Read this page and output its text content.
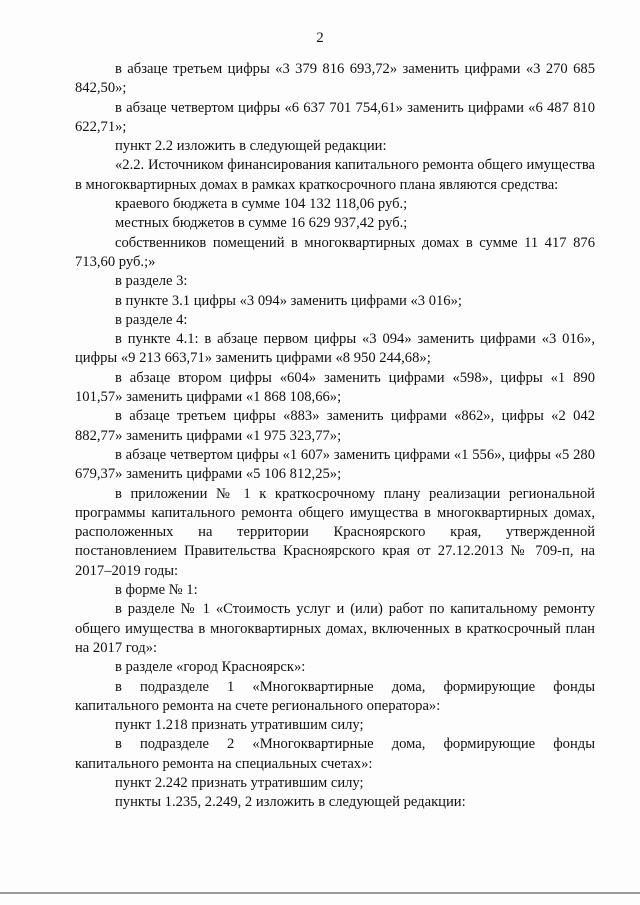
2

в абзаце третьем цифры «3 379 816 693,72» заменить цифрами «3 270 685 842,50»;

в абзаце четвертом цифры «6 637 701 754,61» заменить цифрами «6 487 810 622,71»;

пункт 2.2 изложить в следующей редакции:

«2.2. Источником финансирования капитального ремонта общего имущества в многоквартирных домах в рамках краткосрочного плана являются средства:

краевого бюджета в сумме 104 132 118,06 руб.;

местных бюджетов в сумме 16 629 937,42 руб.;

собственников помещений в многоквартирных домах в сумме 11 417 876 713,60 руб.;»

в разделе 3:

в пункте 3.1 цифры «3 094» заменить цифрами «3 016»;

в разделе 4:

в пункте 4.1: в абзаце первом цифры «3 094» заменить цифрами «3 016», цифры «9 213 663,71» заменить цифрами «8 950 244,68»;

в абзаце втором цифры «604» заменить цифрами «598», цифры «1 890 101,57» заменить цифрами «1 868 108,66»;

в абзаце третьем цифры «883» заменить цифрами «862», цифры «2 042 882,77» заменить цифрами «1 975 323,77»;

в абзаце четвертом цифры «1 607» заменить цифрами «1 556», цифры «5 280 679,37» заменить цифрами «5 106 812,25»;

в приложении № 1 к краткосрочному плану реализации региональной программы капитального ремонта общего имущества в многоквартирных домах, расположенных на территории Красноярского края, утвержденной постановлением Правительства Красноярского края от 27.12.2013 № 709-п, на 2017–2019 годы:

в форме № 1:

в разделе № 1 «Стоимость услуг и (или) работ по капитальному ремонту общего имущества в многоквартирных домах, включенных в краткосрочный план на 2017 год»:

в разделе «город Красноярск»:

в подразделе 1 «Многоквартирные дома, формирующие фонды капитального ремонта на счете регионального оператора»:

пункт 1.218 признать утратившим силу;

в подразделе 2 «Многоквартирные дома, формирующие фонды капитального ремонта на специальных счетах»:

пункт 2.242 признать утратившим силу;

пункты 1.235, 2.249, 2 изложить в следующей редакции:
